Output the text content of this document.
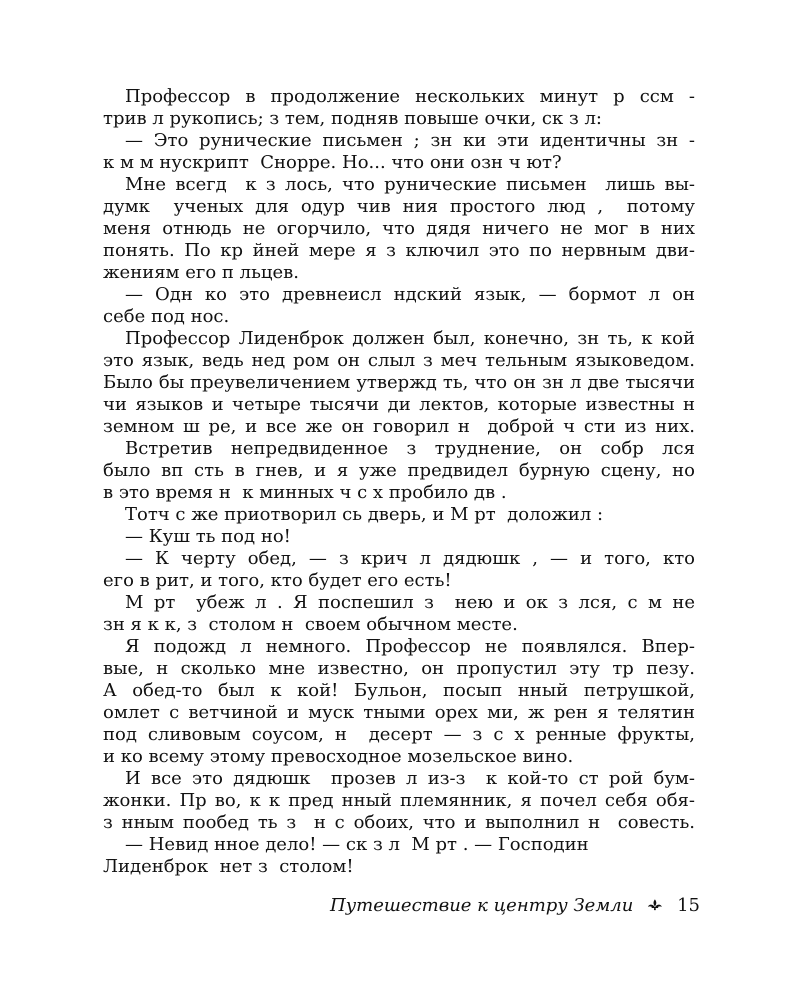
Профессор в продолжение нескольких минут р ссм -
трив л рукопись; з тем, подняв повыше очки, ск з л:
— Это рунические письмен ; зн ки эти идентичны зн -
к м м нускрипт  Снорре. Но... что они озн ч ют?
Мне всегд  к з лось, что рунические письмен  лишь вы-
думк  ученых для одур чив ния простого люд ,  потому
меня отнюдь не огорчило, что дядя ничего не мог в них
понять. По кр йней мере я з ключил это по нервным дви-
жениям его п льцев.
— Одн ко это древнеисл ндский язык, — бормот л он
себе под нос.
Профессор Лиденброк должен был, конечно, зн ть, к кой
это язык, ведь нед ром он слыл з меч тельным языковедом.
Было бы преувеличением утвержд ть, что он зн л две тысячи
чи языков и четыре тысячи ди лектов, которые известны н
земном ш ре, и все же он говорил н  доброй ч сти из них.
Встретив непредвиденное з труднение, он собр лся
было вп сть в гнев, и я уже предвидел бурную сцену, но
в это время н  к минных ч с х пробило дв .
Тотч с же приотворил сь дверь, и М рт  доложил :
— Куш ть под но!
— К черту обед, — з крич л дядюшк , — и того, кто
его в рит, и того, кто будет его есть!
М рт  убеж л . Я поспешил з  нею и ок з лся, с м не
зн я к к, з  столом н  своем обычном месте.
Я подожд л немного. Профессор не появлялся. Впер-
вые, н сколько мне известно, он пропустил эту тр пезу.
А обед-то был к кой! Бульон, посып нный петрушкой,
омлет с ветчиной и муск тными орех ми, ж рен я телятин
под сливовым соусом, н  десерт — з с х ренные фрукты,
и ко всему этому превосходное мозельское вино.
И все это дядюшк  прозев л из-з  к кой-то ст рой бум-
жонки. Пр во, к к пред нный племянник, я почел себя обя-
з нным пообед ть з  н с обоих, что и выполнил н  совесть.
— Невид нное дело! — ск з л  М рт . — Господин
Лиденброк  нет з  столом!
Путешествие к центру Земли 15
